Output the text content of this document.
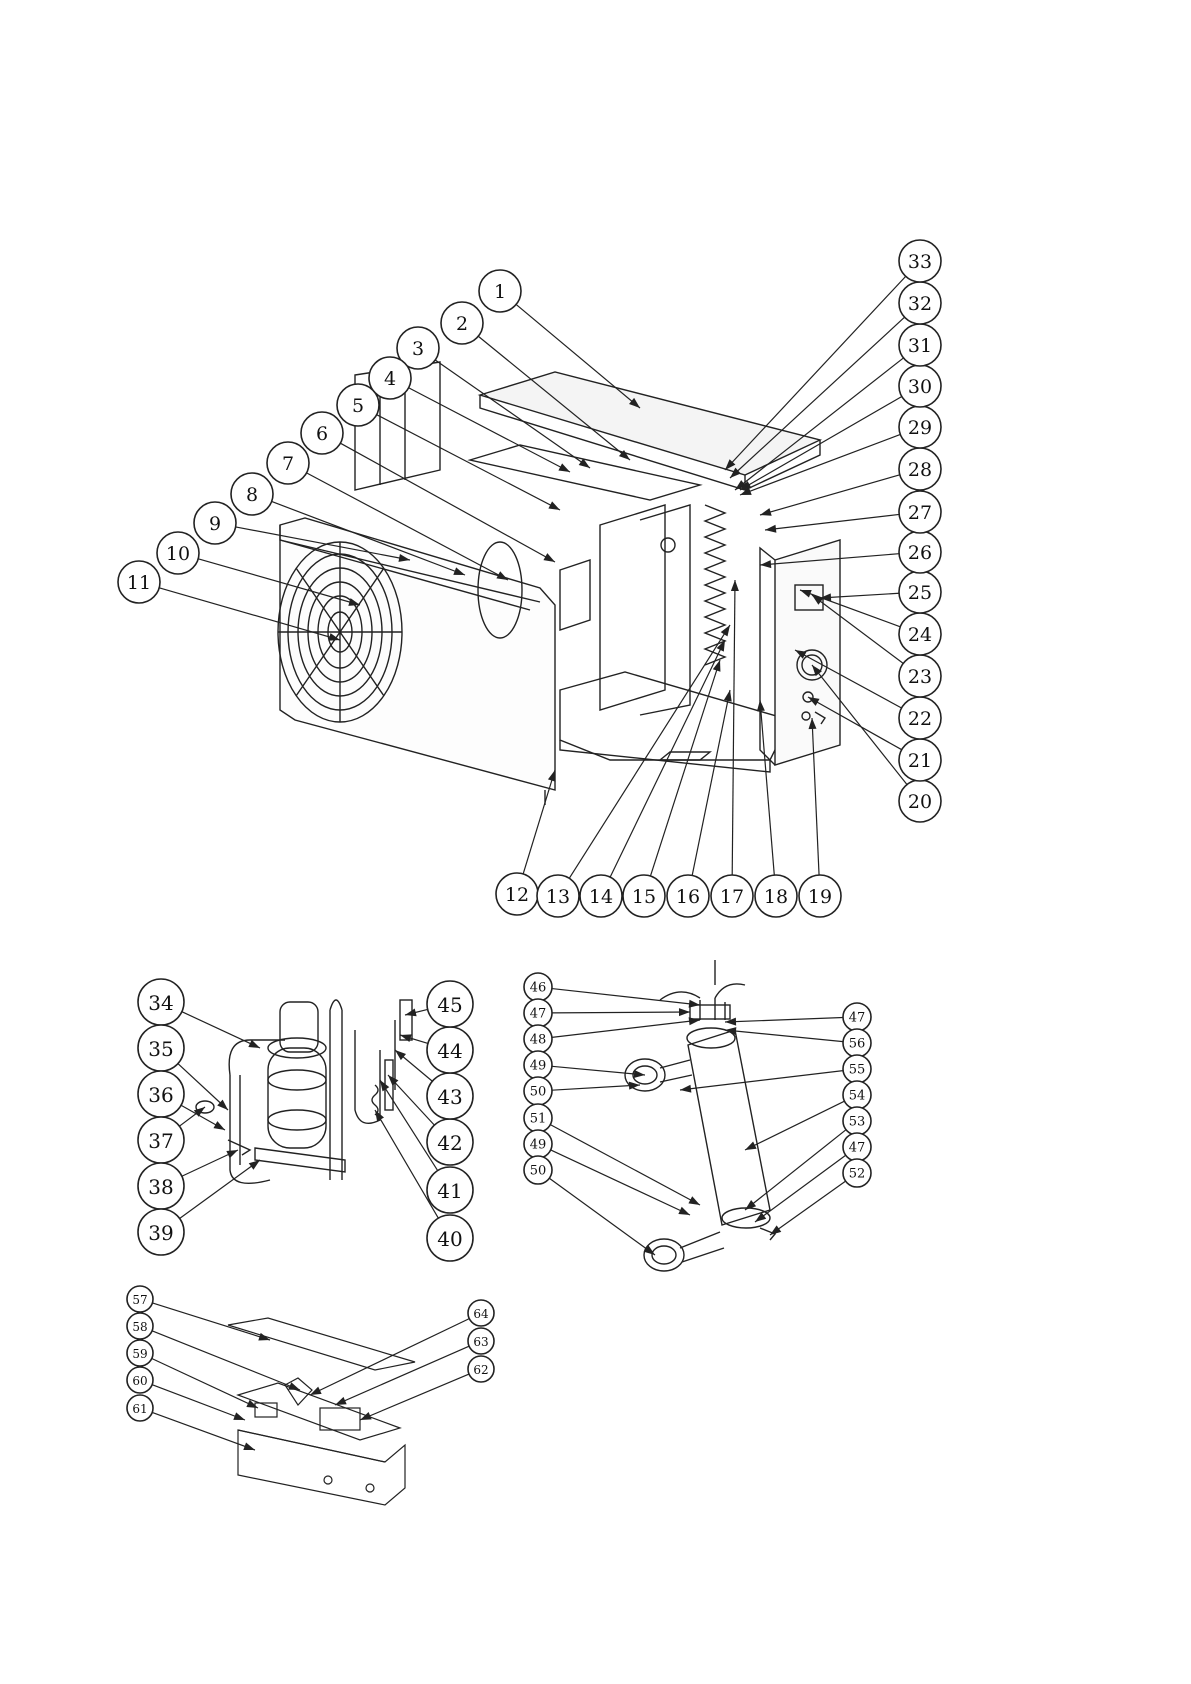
1
2
3
4
5
6
7
8
9
10
11
12 13 14 15 16 17 18 19
20
21
22
23
24
25
26
27
28
29
30
31
32
33
34
35
36
37
38
39	40
41
42
43
44
45
46
47
48
49
50
51
49
50
47
56
55
54
53
47
52
57
58
59
60
61
64
63
62
